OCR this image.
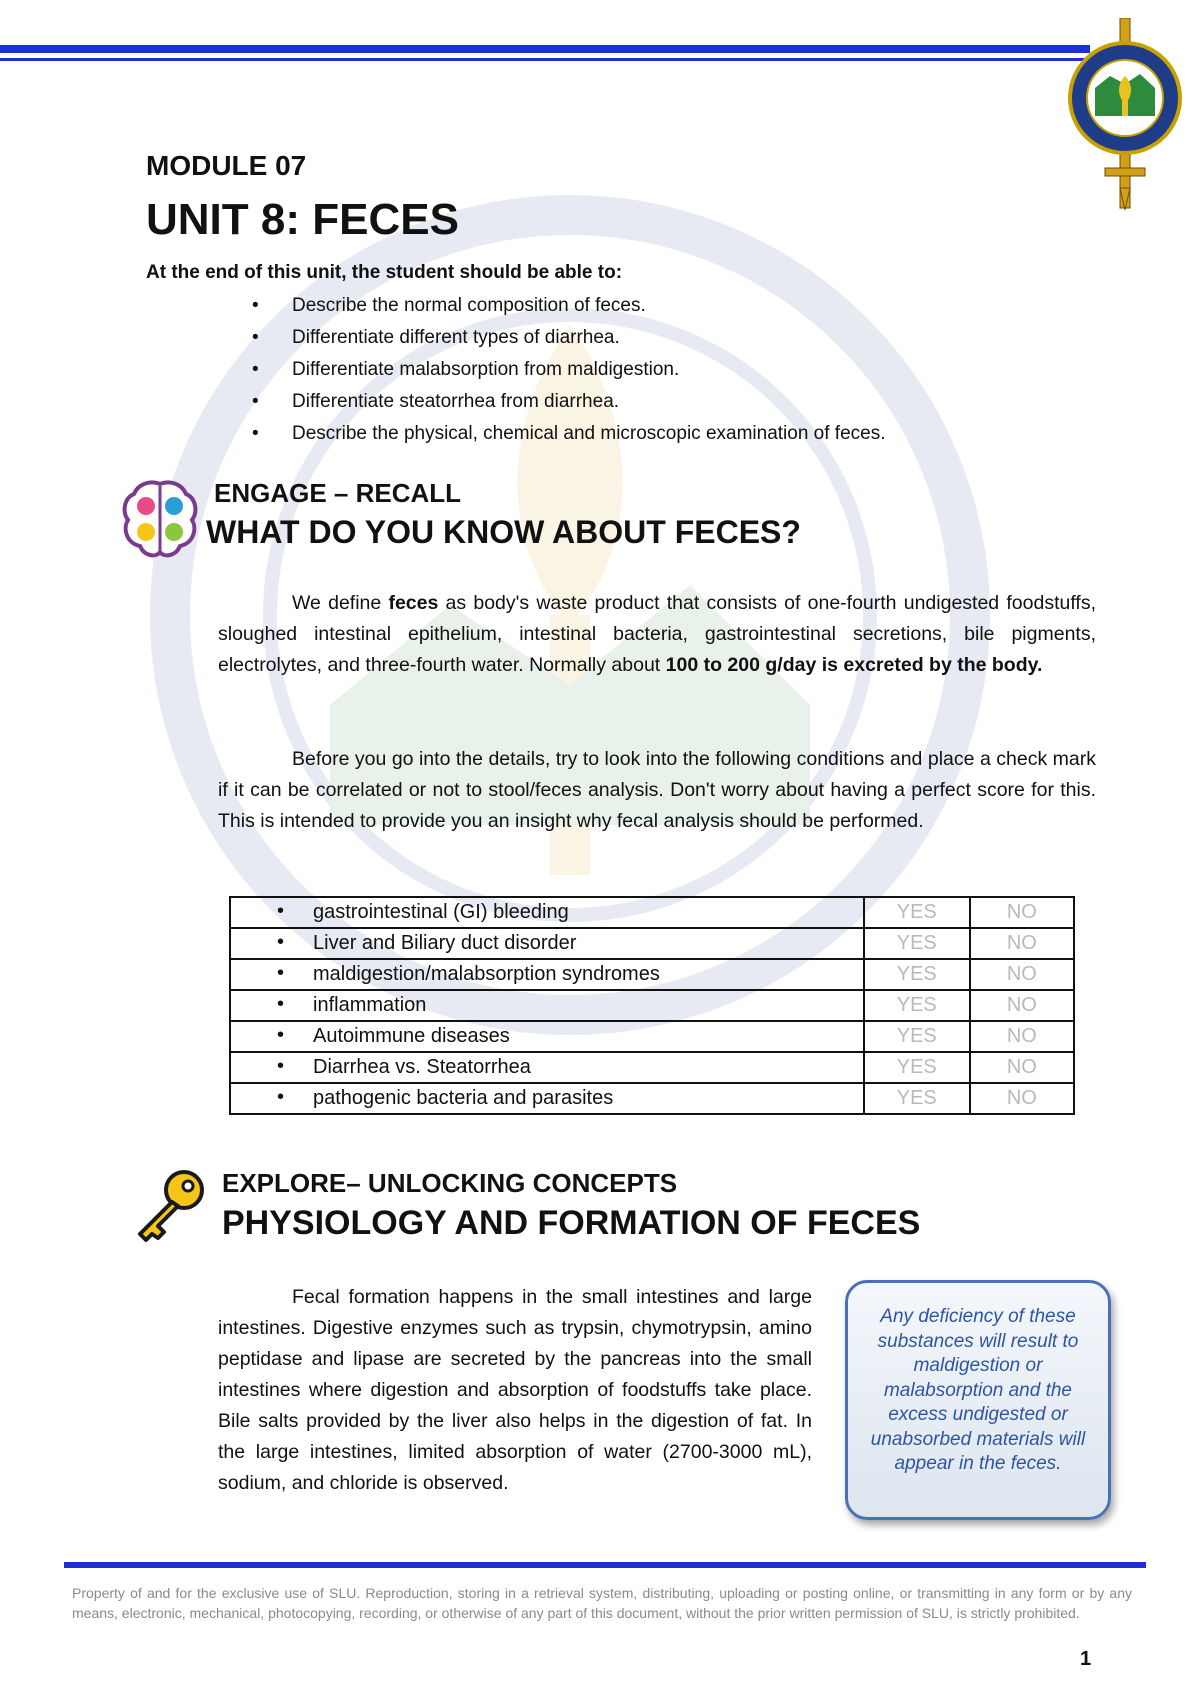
MODULE 07
UNIT 8: FECES
At the end of this unit, the student should be able to:
• Describe the normal composition of feces.
• Differentiate different types of diarrhea.
• Differentiate malabsorption from maldigestion.
• Differentiate steatorrhea from diarrhea.
• Describe the physical, chemical and microscopic examination of feces.
ENGAGE – RECALL
WHAT DO YOU KNOW ABOUT FECES?

We define feces as body's waste product that consists of one-fourth undigested foodstuffs, sloughed intestinal epithelium, intestinal bacteria, gastrointestinal secretions, bile pigments, electrolytes, and three-fourth water. Normally about 100 to 200 g/day is excreted by the body.

Before you go into the details, try to look into the following conditions and place a check mark if it can be correlated or not to stool/feces analysis. Don't worry about having a perfect score for this. This is intended to provide you an insight why fecal analysis should be performed.

• gastrointestinal (GI) bleeding	YES	NO
• Liver and Biliary duct disorder	YES	NO
• maldigestion/malabsorption syndromes	YES	NO
• inflammation	YES	NO
• Autoimmune diseases	YES	NO
• Diarrhea vs. Steatorrhea	YES	NO
• pathogenic bacteria and parasites	YES	NO
EXPLORE– UNLOCKING CONCEPTS
PHYSIOLOGY AND FORMATION OF FECES

Fecal formation happens in the small intestines and large intestines. Digestive enzymes such as trypsin, chymotrypsin, amino peptidase and lipase are secreted by the pancreas into the small intestines where digestion and absorption of foodstuffs take place. Bile salts provided by the liver also helps in the digestion of fat. In the large intestines, limited absorption of water (2700-3000 mL), sodium, and chloride is observed.

Any deficiency of these substances will result to maldigestion or malabsorption and the excess undigested or unabsorbed materials will appear in the feces.
Property of and for the exclusive use of SLU. Reproduction, storing in a retrieval system, distributing, uploading or posting online, or transmitting in any form or by any means, electronic, mechanical, photocopying, recording, or otherwise of any part of this document, without the prior written permission of SLU, is strictly prohibited.
1
